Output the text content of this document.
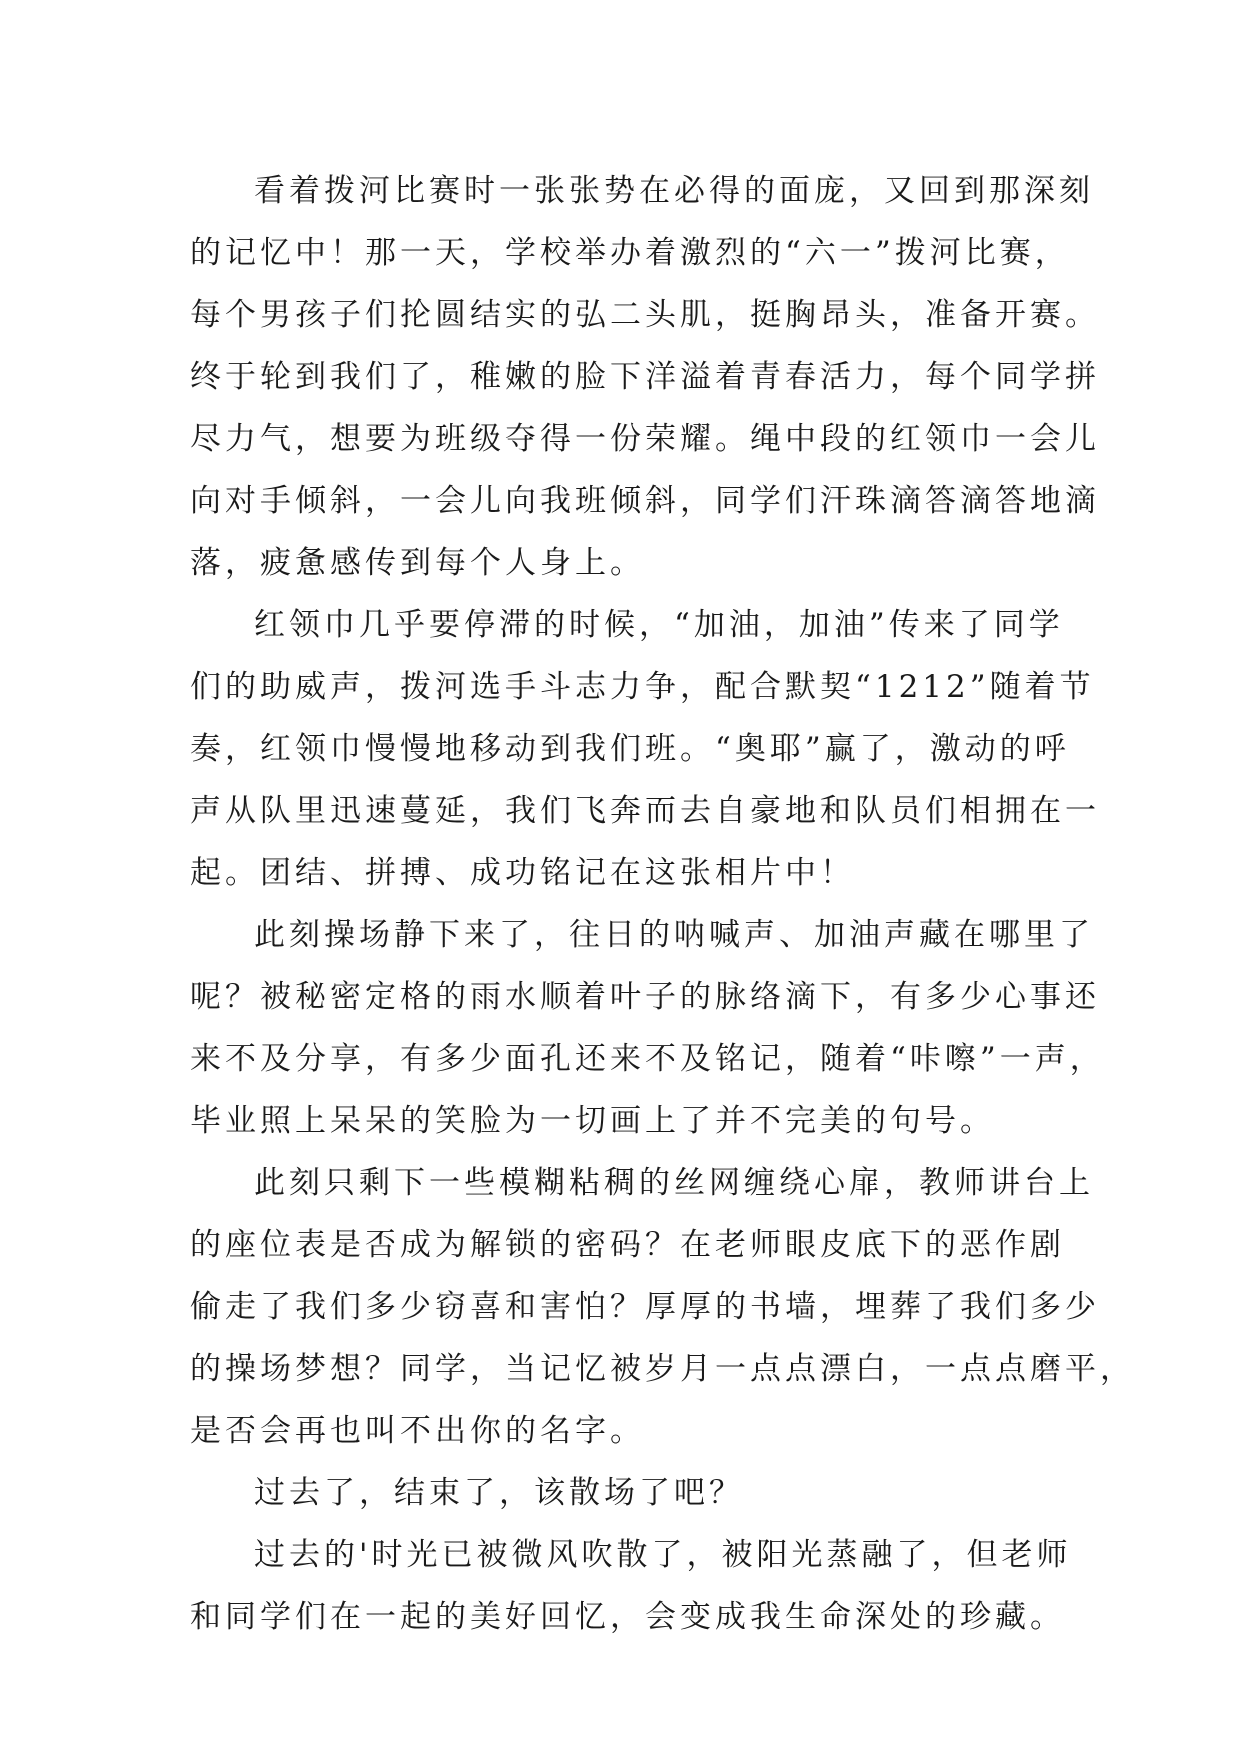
看着拨河比赛时一张张势在必得的面庞，又回到那深刻
的记忆中！那一天，学校举办着激烈的“六一”拨河比赛，
每个男孩子们抡圆结实的弘二头肌，挺胸昂头，准备开赛。
终于轮到我们了，稚嫩的脸下洋溢着青春活力，每个同学拼
尽力气，想要为班级夺得一份荣耀。绳中段的红领巾一会儿
向对手倾斜，一会儿向我班倾斜，同学们汗珠滴答滴答地滴
落，疲惫感传到每个人身上。

红领巾几乎要停滞的时候，“加油，加油”传来了同学
们的助威声，拨河选手斗志力争，配合默契“1212”随着节
奏，红领巾慢慢地移动到我们班。“奥耶”赢了，激动的呼
声从队里迅速蔓延，我们飞奔而去自豪地和队员们相拥在一
起。团结、拼搏、成功铭记在这张相片中！

此刻操场静下来了，往日的呐喊声、加油声藏在哪里了
呢？被秘密定格的雨水顺着叶子的脉络滴下，有多少心事还
来不及分享，有多少面孔还来不及铭记，随着“咔嚓”一声，
毕业照上呆呆的笑脸为一切画上了并不完美的句号。

此刻只剩下一些模糊粘稠的丝网缠绕心扉，教师讲台上
的座位表是否成为解锁的密码？在老师眼皮底下的恶作剧
偷走了我们多少窃喜和害怕？厚厚的书墙，埋葬了我们多少
的操场梦想？同学，当记忆被岁月一点点漂白，一点点磨平，
是否会再也叫不出你的名字。

过去了，结束了，该散场了吧？

过去的'时光已被微风吹散了，被阳光蒸融了，但老师
和同学们在一起的美好回忆，会变成我生命深处的珍藏。
